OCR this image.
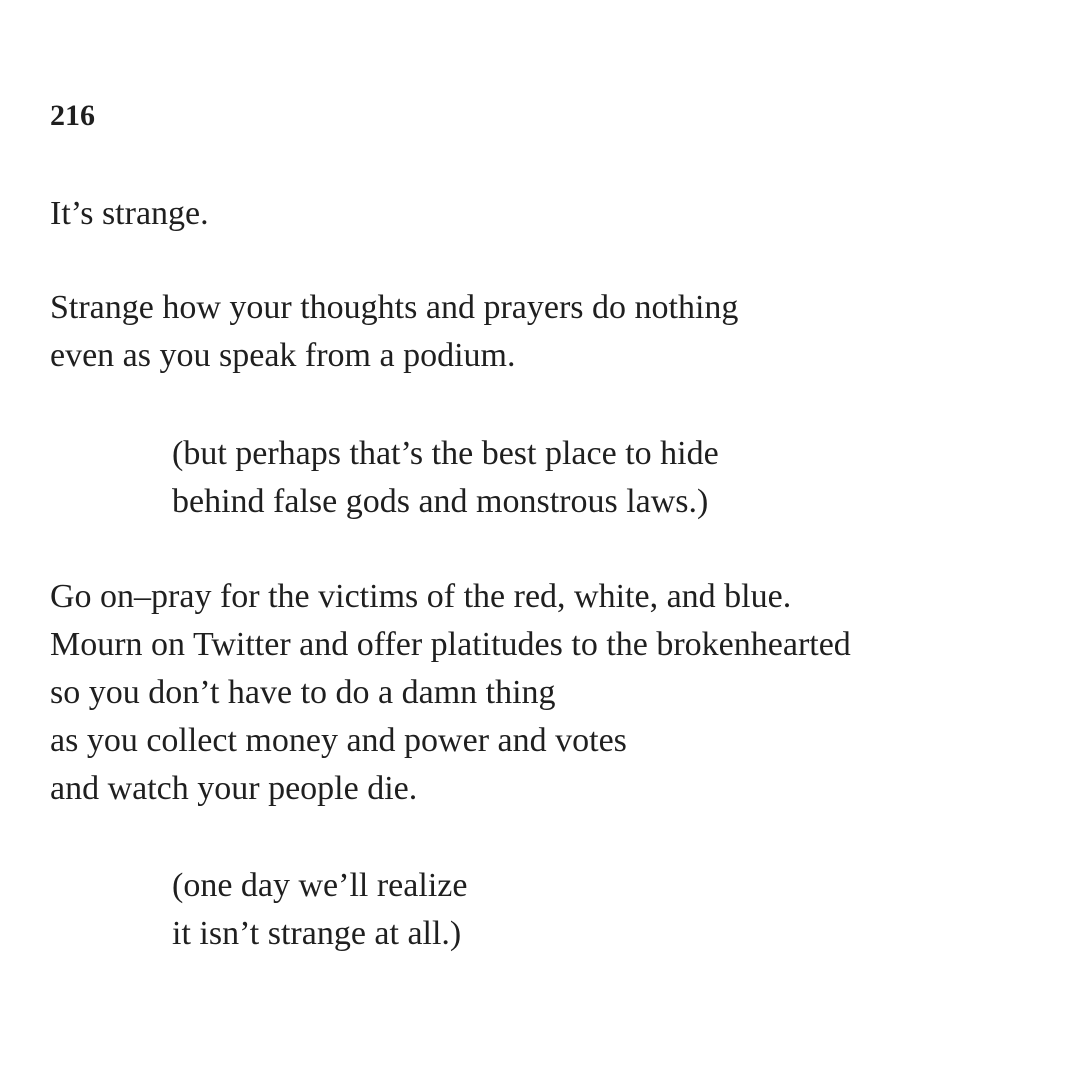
216

It’s strange.

Strange how your thoughts and prayers do nothing
even as you speak from a podium.

(but perhaps that’s the best place to hide
behind false gods and monstrous laws.)

Go on–pray for the victims of the red, white, and blue.
Mourn on Twitter and offer platitudes to the brokenhearted
so you don’t have to do a damn thing
as you collect money and power and votes
and watch your people die.

(one day we’ll realize
it isn’t strange at all.)
